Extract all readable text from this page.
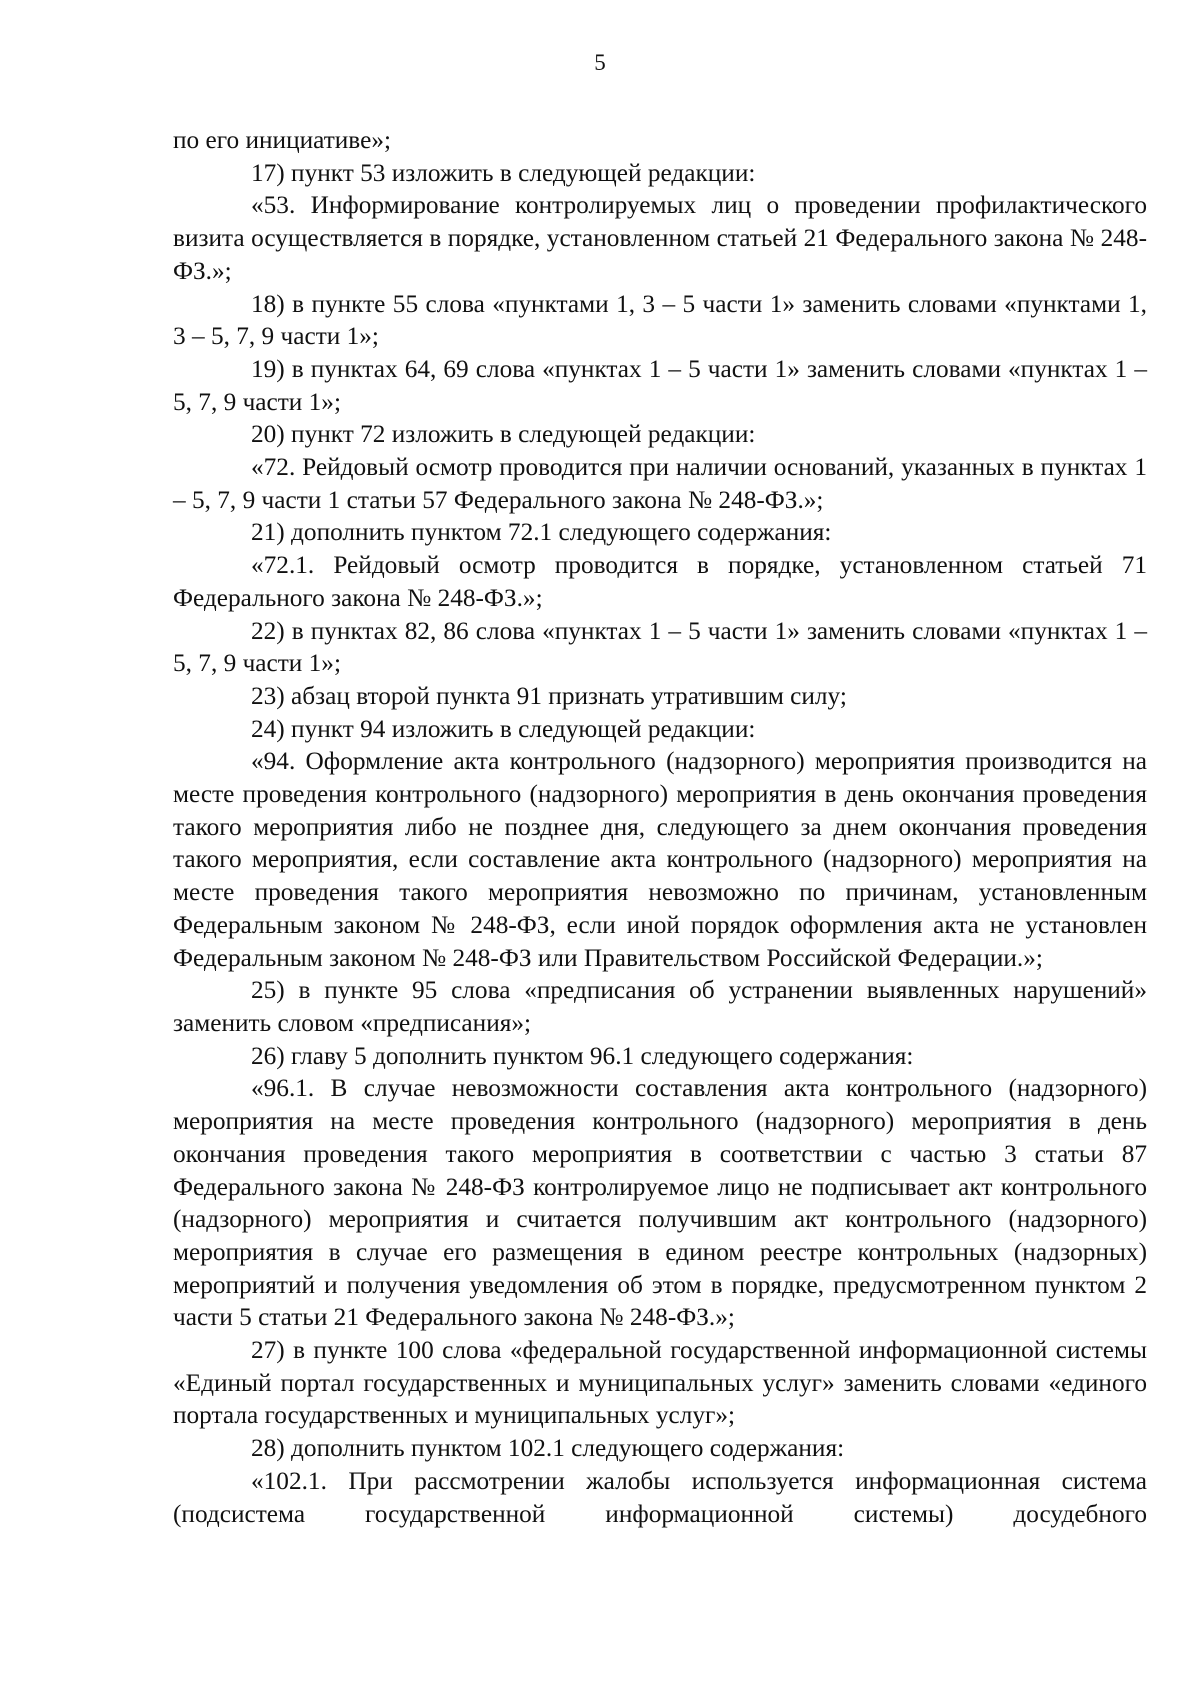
5

по его инициативе»;

17) пункт 53 изложить в следующей редакции:

«53. Информирование контролируемых лиц о проведении профилактического визита осуществляется в порядке, установленном статьей 21 Федерального закона № 248-ФЗ.»;

18) в пункте 55 слова «пунктами 1, 3 – 5 части 1» заменить словами «пунктами 1, 3 – 5, 7, 9 части 1»;

19) в пунктах 64, 69 слова «пунктах 1 – 5 части 1» заменить словами «пунктах 1 – 5, 7, 9 части 1»;

20) пункт 72 изложить в следующей редакции:

«72. Рейдовый осмотр проводится при наличии оснований, указанных в пунктах 1 – 5, 7, 9 части 1 статьи 57 Федерального закона № 248-ФЗ.»;

21) дополнить пунктом 72.1 следующего содержания:

«72.1. Рейдовый осмотр проводится в порядке, установленном статьей 71 Федерального закона № 248-ФЗ.»;

22) в пунктах 82, 86 слова «пунктах 1 – 5 части 1» заменить словами «пунктах 1 – 5, 7, 9 части 1»;

23) абзац второй пункта 91 признать утратившим силу;

24) пункт 94 изложить в следующей редакции:

«94. Оформление акта контрольного (надзорного) мероприятия производится на месте проведения контрольного (надзорного) мероприятия в день окончания проведения такого мероприятия либо не позднее дня, следующего за днем окончания проведения такого мероприятия, если составление акта контрольного (надзорного) мероприятия на месте проведения такого мероприятия невозможно по причинам, установленным Федеральным законом № 248-ФЗ, если иной порядок оформления акта не установлен Федеральным законом № 248-ФЗ или Правительством Российской Федерации.»;

25) в пункте 95 слова «предписания об устранении выявленных нарушений» заменить словом «предписания»;

26) главу 5 дополнить пунктом 96.1 следующего содержания:

«96.1. В случае невозможности составления акта контрольного (надзорного) мероприятия на месте проведения контрольного (надзорного) мероприятия в день окончания проведения такого мероприятия в соответствии с частью 3 статьи 87 Федерального закона № 248-ФЗ контролируемое лицо не подписывает акт контрольного (надзорного) мероприятия и считается получившим акт контрольного (надзорного) мероприятия в случае его размещения в едином реестре контрольных (надзорных) мероприятий и получения уведомления об этом в порядке, предусмотренном пунктом 2 части 5 статьи 21 Федерального закона № 248-ФЗ.»;

27) в пункте 100 слова «федеральной государственной информационной системы «Единый портал государственных и муниципальных услуг» заменить словами «единого портала государственных и муниципальных услуг»;

28) дополнить пунктом 102.1 следующего содержания:

«102.1. При рассмотрении жалобы используется информационная система (подсистема государственной информационной системы) досудебного
